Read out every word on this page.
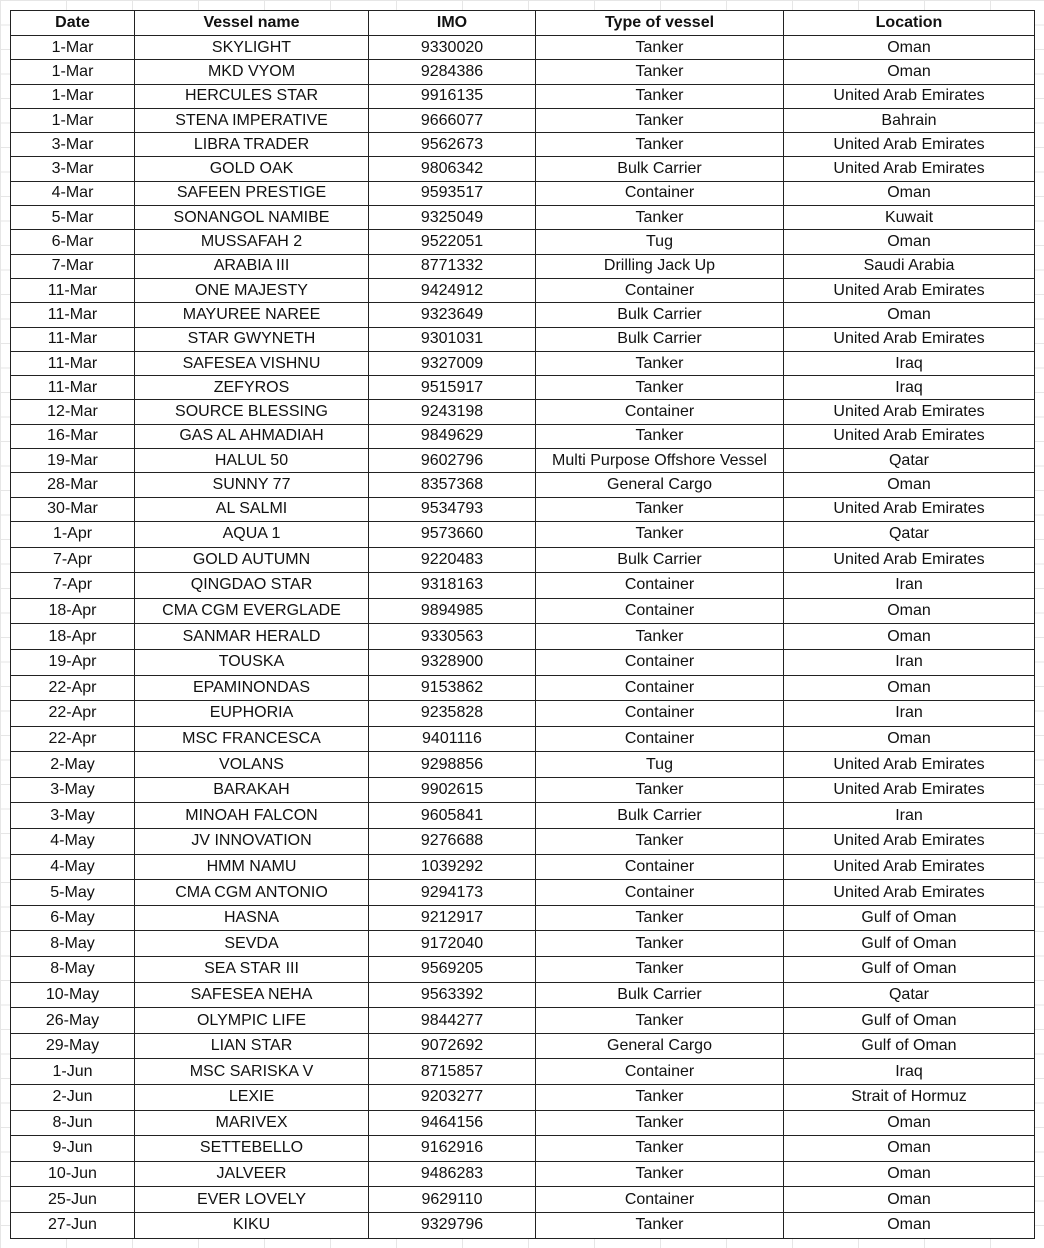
Date	Vessel name	IMO	Type of vessel	Location
1-Mar	SKYLIGHT	9330020	Tanker	Oman
1-Mar	MKD VYOM	9284386	Tanker	Oman
1-Mar	HERCULES STAR	9916135	Tanker	United Arab Emirates
1-Mar	STENA IMPERATIVE	9666077	Tanker	Bahrain
3-Mar	LIBRA TRADER	9562673	Tanker	United Arab Emirates
3-Mar	GOLD OAK	9806342	Bulk Carrier	United Arab Emirates
4-Mar	SAFEEN PRESTIGE	9593517	Container	Oman
5-Mar	SONANGOL NAMIBE	9325049	Tanker	Kuwait
6-Mar	MUSSAFAH 2	9522051	Tug	Oman
7-Mar	ARABIA III	8771332	Drilling Jack Up	Saudi Arabia
11-Mar	ONE MAJESTY	9424912	Container	United Arab Emirates
11-Mar	MAYUREE NAREE	9323649	Bulk Carrier	Oman
11-Mar	STAR GWYNETH	9301031	Bulk Carrier	United Arab Emirates
11-Mar	SAFESEA VISHNU	9327009	Tanker	Iraq
11-Mar	ZEFYROS	9515917	Tanker	Iraq
12-Mar	SOURCE BLESSING	9243198	Container	United Arab Emirates
16-Mar	GAS AL AHMADIAH	9849629	Tanker	United Arab Emirates
19-Mar	HALUL 50	9602796	Multi Purpose Offshore Vessel	Qatar
28-Mar	SUNNY 77	8357368	General Cargo	Oman
30-Mar	AL SALMI	9534793	Tanker	United Arab Emirates
1-Apr	AQUA 1	9573660	Tanker	Qatar
7-Apr	GOLD AUTUMN	9220483	Bulk Carrier	United Arab Emirates
7-Apr	QINGDAO STAR	9318163	Container	Iran
18-Apr	CMA CGM EVERGLADE	9894985	Container	Oman
18-Apr	SANMAR HERALD	9330563	Tanker	Oman
19-Apr	TOUSKA	9328900	Container	Iran
22-Apr	EPAMINONDAS	9153862	Container	Oman
22-Apr	EUPHORIA	9235828	Container	Iran
22-Apr	MSC FRANCESCA	9401116	Container	Oman
2-May	VOLANS	9298856	Tug	United Arab Emirates
3-May	BARAKAH	9902615	Tanker	United Arab Emirates
3-May	MINOAH FALCON	9605841	Bulk Carrier	Iran
4-May	JV INNOVATION	9276688	Tanker	United Arab Emirates
4-May	HMM NAMU	1039292	Container	United Arab Emirates
5-May	CMA CGM ANTONIO	9294173	Container	United Arab Emirates
6-May	HASNA	9212917	Tanker	Gulf of Oman
8-May	SEVDA	9172040	Tanker	Gulf of Oman
8-May	SEA STAR III	9569205	Tanker	Gulf of Oman
10-May	SAFESEA NEHA	9563392	Bulk Carrier	Qatar
26-May	OLYMPIC LIFE	9844277	Tanker	Gulf of Oman
29-May	LIAN STAR	9072692	General Cargo	Gulf of Oman
1-Jun	MSC SARISKA V	8715857	Container	Iraq
2-Jun	LEXIE	9203277	Tanker	Strait of Hormuz
8-Jun	MARIVEX	9464156	Tanker	Oman
9-Jun	SETTEBELLO	9162916	Tanker	Oman
10-Jun	JALVEER	9486283	Tanker	Oman
25-Jun	EVER LOVELY	9629110	Container	Oman
27-Jun	KIKU	9329796	Tanker	Oman
